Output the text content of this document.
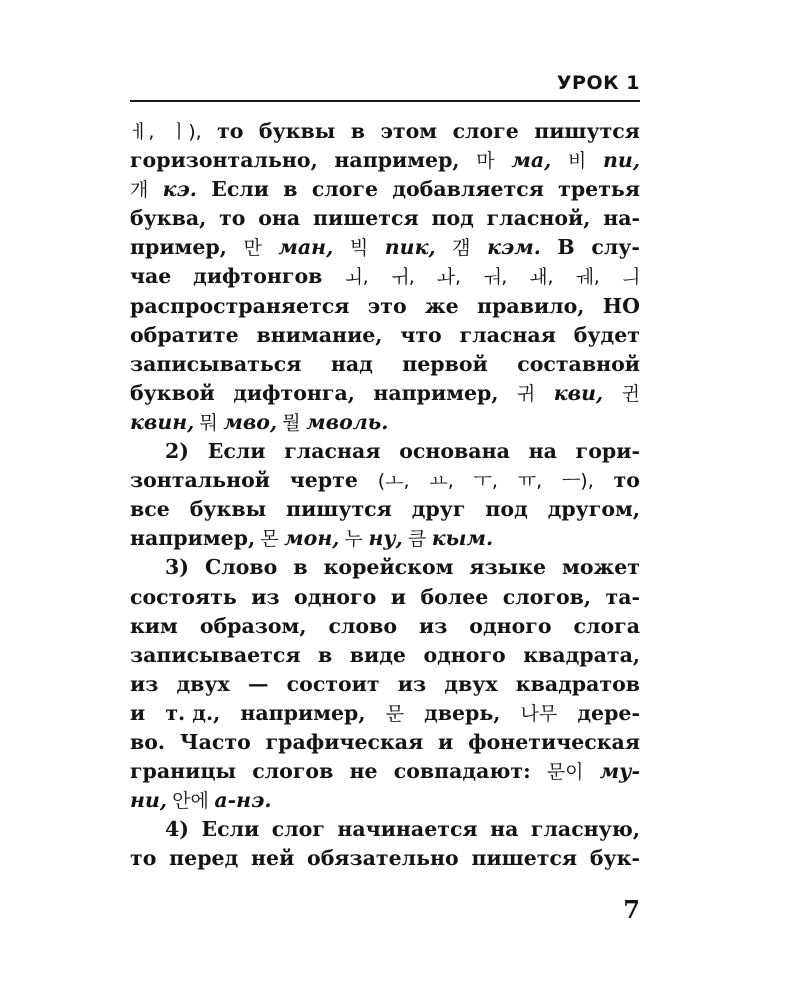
УРОК 1
ㅔ, ㅣ), то буквы в этом слоге пишутся
горизонтально, например, 마 ма, 비 пи,
개 кэ. Если в слоге добавляется третья
буква, то она пишется под гласной, на-
пример, 만 ман, 빅 пик, 갬 кэм. В слу-
чае дифтонгов ㅚ, ㅟ, ㅘ, ㅝ, ㅙ, ㅞ, ㅢ
распространяется это же правило, НО
обратите внимание, что гласная будет
записываться над первой составной
буквой дифтонга, например, 귀 кви, 귄
квин, 뭐 мво, 뭘 мволь.
2) Если гласная основана на гори-
зонтальной черте (ㅗ, ㅛ, ㅜ, ㅠ, ㅡ), то
все буквы пишутся друг под другом,
например, 몬 мон, 누 ну, 큼 кым.
3) Слово в корейском языке может
состоять из одного и более слогов, та-
ким образом, слово из одного слога
записывается в виде одного квадрата,
из двух — состоит из двух квадратов
и т. д., например, 문 дверь, 나무 дере-
во. Часто графическая и фонетическая
границы слогов не совпадают: 문이 му-
ни, 안에 а-нэ.
4) Если слог начинается на гласную,
то перед ней обязательно пишется бук-
7
